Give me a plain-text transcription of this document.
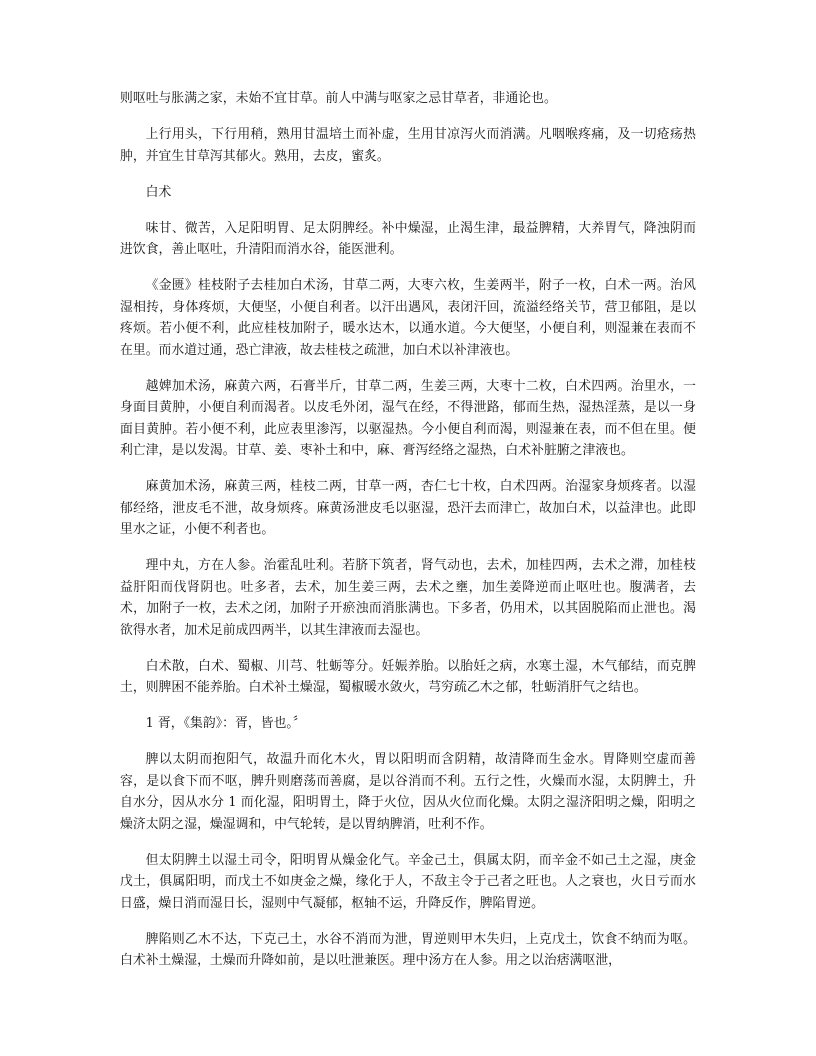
则呕吐与胀满之家，未始不宜甘草。前人中满与呕家之忌甘草者，非通论也。

上行用头，下行用稍，熟用甘温培土而补虚，生用甘凉泻火而消满。凡咽喉疼痛，及一切疮疡热肿，并宜生甘草泻其郁火。熟用，去皮，蜜炙。

白术

味甘、微苦，入足阳明胃、足太阴脾经。补中燥湿，止渴生津，最益脾精，大养胃气，降浊阴而进饮食，善止呕吐，升清阳而消水谷，能医泄利。

《金匮》桂枝附子去桂加白术汤，甘草二两，大枣六枚，生姜两半，附子一枚，白术一两。治风湿相抟，身体疼烦，大便坚，小便自利者。以汗出遇风，表闭汗回，流溢经络关节，营卫郁阻，是以疼烦。若小便不利，此应桂枝加附子，暖水达木，以通水道。今大便坚，小便自利，则湿兼在表而不在里。而水道过通，恐亡津液，故去桂枝之疏泄，加白术以补津液也。

越婢加术汤，麻黄六两，石膏半斤，甘草二两，生姜三两，大枣十二枚，白术四两。治里水，一身面目黄肿，小便自利而渴者。以皮毛外闭，湿气在经，不得泄路，郁而生热，湿热淫蒸，是以一身面目黄肿。若小便不利，此应表里渗泻，以驱湿热。今小便自利而渴，则湿兼在表，而不但在里。便利亡津，是以发渴。甘草、姜、枣补土和中，麻、膏泻经络之湿热，白术补脏腑之津液也。

麻黄加术汤，麻黄三两，桂枝二两，甘草一两，杏仁七十枚，白术四两。治湿家身烦疼者。以湿郁经络，泄皮毛不泄，故身烦疼。麻黄汤泄皮毛以驱湿，恐汗去而津亡，故加白术，以益津也。此即里水之证，小便不利者也。

理中丸，方在人参。治霍乱吐利。若脐下筑者，肾气动也，去术，加桂四两，去术之滞，加桂枝益肝阳而伐肾阴也。吐多者，去术，加生姜三两，去术之壅，加生姜降逆而止呕吐也。腹满者，去术，加附子一枚，去术之闭，加附子开瘀浊而消胀满也。下多者，仍用术，以其固脱陷而止泄也。渴欲得水者，加术足前成四两半，以其生津液而去湿也。

白术散，白术、蜀椒、川芎、牡蛎等分。妊娠养胎。以胎妊之病，水寒土湿，木气郁结，而克脾土，则脾困不能养胎。白术补土燥湿，蜀椒暖水敛火，芎穷疏乙木之郁，牡蛎消肝气之结也。

1 胥，《集韵》：胥，皆也。〞

脾以太阴而抱阳气，故温升而化木火，胃以阳明而含阴精，故清降而生金水。胃降则空虚而善容，是以食下而不呕，脾升则磨荡而善腐，是以谷消而不利。五行之性，火燥而水湿，太阴脾土，升自水分，因从水分 1 而化湿，阳明胃土，降于火位，因从火位而化燥。太阴之湿济阳明之燥，阳明之燥济太阴之湿，燥湿调和，中气轮转，是以胃纳脾消，吐利不作。

但太阴脾土以湿土司令，阳明胃从燥金化气。辛金己土，俱属太阴，而辛金不如己土之湿，庚金戊土，俱属阳明，而戊土不如庚金之燥，缘化于人，不敌主令于己者之旺也。人之衰也，火日亏而水日盛，燥日消而湿日长，湿则中气凝郁，枢轴不运，升降反作，脾陷胃逆。

脾陷则乙木不达，下克己土，水谷不消而为泄，胃逆则甲木失归，上克戊土，饮食不纳而为呕。白术补土燥湿，土燥而升降如前，是以吐泄兼医。理中汤方在人参。用之以治痞满呕泄，
